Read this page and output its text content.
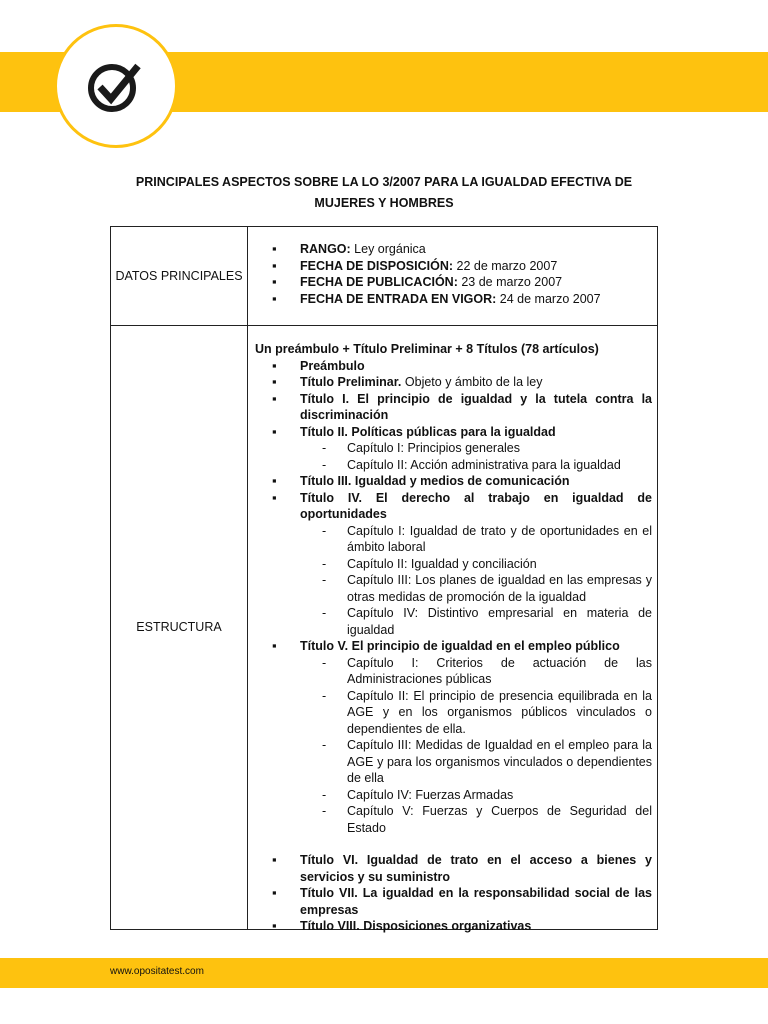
PRINCIPALES ASPECTOS SOBRE LA LO 3/2007 PARA LA IGUALDAD EFECTIVA DE MUJERES Y HOMBRES
DATOS PRINCIPALES
▪ RANGO: Ley orgánica
▪ FECHA DE DISPOSICIÓN: 22 de marzo 2007
▪ FECHA DE PUBLICACIÓN: 23 de marzo 2007
▪ FECHA DE ENTRADA EN VIGOR: 24 de marzo 2007
ESTRUCTURA
Un preámbulo + Título Preliminar + 8 Títulos (78 artículos)
▪ Preámbulo
▪ Título Preliminar. Objeto y ámbito de la ley
▪ Título I. El principio de igualdad y la tutela contra la discriminación
▪ Título II. Políticas públicas para la igualdad
- Capítulo I: Principios generales
- Capítulo II: Acción administrativa para la igualdad
▪ Título III. Igualdad y medios de comunicación
▪ Título IV. El derecho al trabajo en igualdad de oportunidades
- Capítulo I: Igualdad de trato y de oportunidades en el ámbito laboral
- Capítulo II: Igualdad y conciliación
- Capítulo III: Los planes de igualdad en las empresas y otras medidas de promoción de la igualdad
- Capítulo IV: Distintivo empresarial en materia de igualdad
▪ Título V. El principio de igualdad en el empleo público
- Capítulo I: Criterios de actuación de las Administraciones públicas
- Capítulo II: El principio de presencia equilibrada en la AGE y en los organismos públicos vinculados o dependientes de ella.
- Capítulo III: Medidas de Igualdad en el empleo para la AGE y para los organismos vinculados o dependientes de ella
- Capítulo IV: Fuerzas Armadas
- Capítulo V: Fuerzas y Cuerpos de Seguridad del Estado
▪ Título VI. Igualdad de trato en el acceso a bienes y servicios y su suministro
▪ Título VII. La igualdad en la responsabilidad social de las empresas
▪ Título VIII. Disposiciones organizativas
www.opositatest.com
